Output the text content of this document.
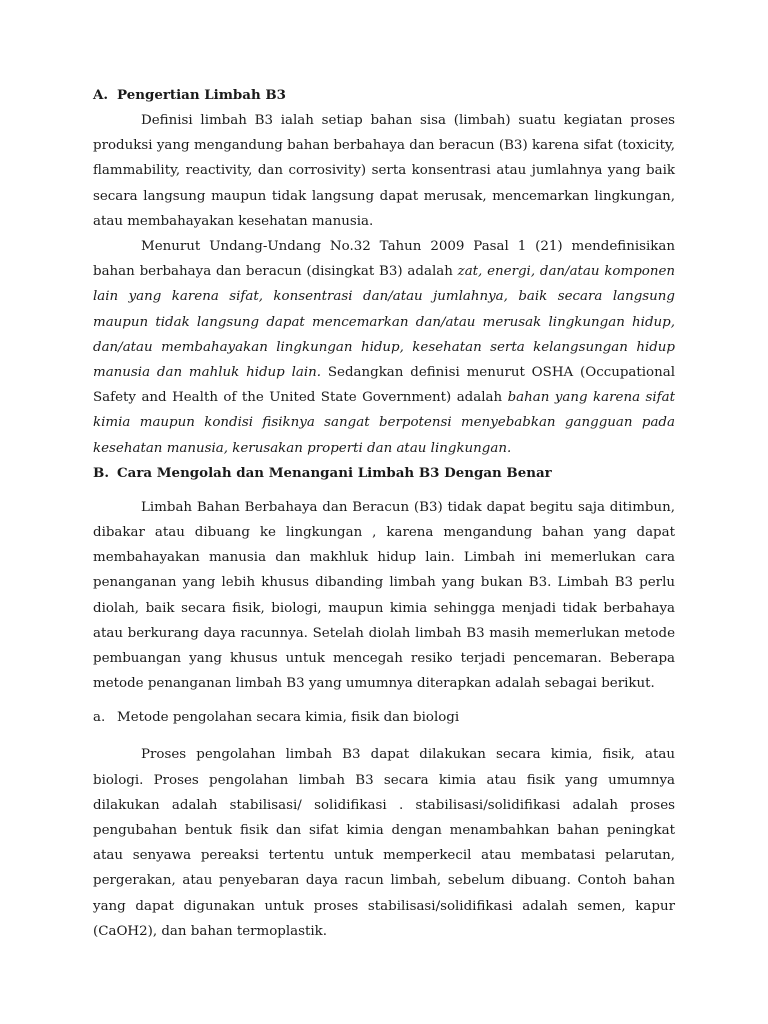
A. Pengertian Limbah B3

Definisi limbah B3 ialah setiap bahan sisa (limbah) suatu kegiatan proses produksi yang mengandung bahan berbahaya dan beracun (B3) karena sifat (toxicity, flammability, reactivity, dan corrosivity) serta konsentrasi atau jumlahnya yang baik secara langsung maupun tidak langsung dapat merusak, mencemarkan lingkungan, atau membahayakan kesehatan manusia.

Menurut Undang-Undang No.32 Tahun 2009 Pasal 1 (21) mendefinisikan bahan berbahaya dan beracun (disingkat B3) adalah zat, energi, dan/atau komponen lain yang karena sifat, konsentrasi dan/atau jumlahnya, baik secara langsung maupun tidak langsung dapat mencemarkan dan/atau merusak lingkungan hidup, dan/atau membahayakan lingkungan hidup, kesehatan serta kelangsungan hidup manusia dan mahluk hidup lain. Sedangkan definisi menurut OSHA (Occupational Safety and Health of the United State Government) adalah bahan yang karena sifat kimia maupun kondisi fisiknya sangat berpotensi menyebabkan gangguan pada kesehatan manusia, kerusakan properti dan atau lingkungan.

B. Cara Mengolah dan Menangani Limbah B3 Dengan Benar

Limbah Bahan Berbahaya dan Beracun (B3) tidak dapat begitu saja ditimbun, dibakar atau dibuang ke lingkungan , karena mengandung bahan yang dapat membahayakan manusia dan makhluk hidup lain. Limbah ini memerlukan cara penanganan yang lebih khusus dibanding limbah yang bukan B3. Limbah B3 perlu diolah, baik secara fisik, biologi, maupun kimia sehingga menjadi tidak berbahaya atau berkurang daya racunnya. Setelah diolah limbah B3 masih memerlukan metode pembuangan yang khusus untuk mencegah resiko terjadi pencemaran. Beberapa metode penanganan limbah B3 yang umumnya diterapkan adalah sebagai berikut.

a. Metode pengolahan secara kimia, fisik dan biologi

Proses pengolahan limbah B3 dapat dilakukan secara kimia, fisik, atau biologi. Proses pengolahan limbah B3 secara kimia atau fisik yang umumnya dilakukan adalah stabilisasi/ solidifikasi . stabilisasi/solidifikasi adalah proses pengubahan bentuk fisik dan sifat kimia dengan menambahkan bahan peningkat atau senyawa pereaksi tertentu untuk memperkecil atau membatasi pelarutan, pergerakan, atau penyebaran daya racun limbah, sebelum dibuang. Contoh bahan yang dapat digunakan untuk proses stabilisasi/solidifikasi adalah semen, kapur (CaOH2), dan bahan termoplastik.
